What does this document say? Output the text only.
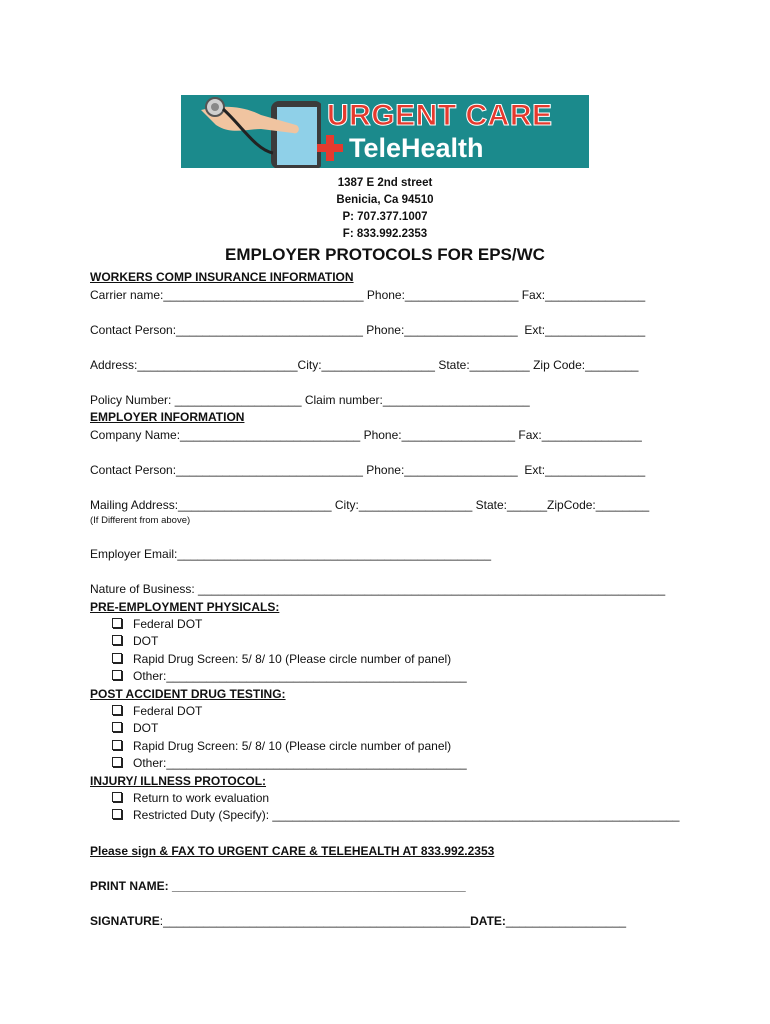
URGENT CARE
TeleHealth
1387 E 2nd street
Benicia, Ca 94510
P: 707.377.1007
F: 833.992.2353
EMPLOYER PROTOCOLS FOR EPS/WC
WORKERS COMP INSURANCE INFORMATION
Carrier name:______________________________ Phone:_________________ Fax:_______________
Contact Person:____________________________ Phone:_________________  Ext:_______________
Address:________________________City:_________________ State:_________ Zip Code:________
Policy Number: ___________________ Claim number:______________________
EMPLOYER INFORMATION
Company Name:___________________________ Phone:_________________ Fax:_______________
Contact Person:____________________________ Phone:_________________  Ext:_______________
Mailing Address:_______________________ City:_________________ State:______ZipCode:________
(If Different from above)
Employer Email:_______________________________________________
Nature of Business: ______________________________________________________________________
PRE-EMPLOYMENT PHYSICALS:
Federal DOT
DOT
Rapid Drug Screen: 5/ 8/ 10 (Please circle number of panel)
Other:_____________________________________________
POST ACCIDENT DRUG TESTING:
Federal DOT
DOT
Rapid Drug Screen: 5/ 8/ 10 (Please circle number of panel)
Other:_____________________________________________
INJURY/ ILLNESS PROTOCOL:
Return to work evaluation
Restricted Duty (Specify): _____________________________________________________________
Please sign & FAX TO URGENT CARE & TELEHEALTH AT 833.992.2353
PRINT NAME: ____________________________________________
SIGNATURE:______________________________________________DATE:__________________
